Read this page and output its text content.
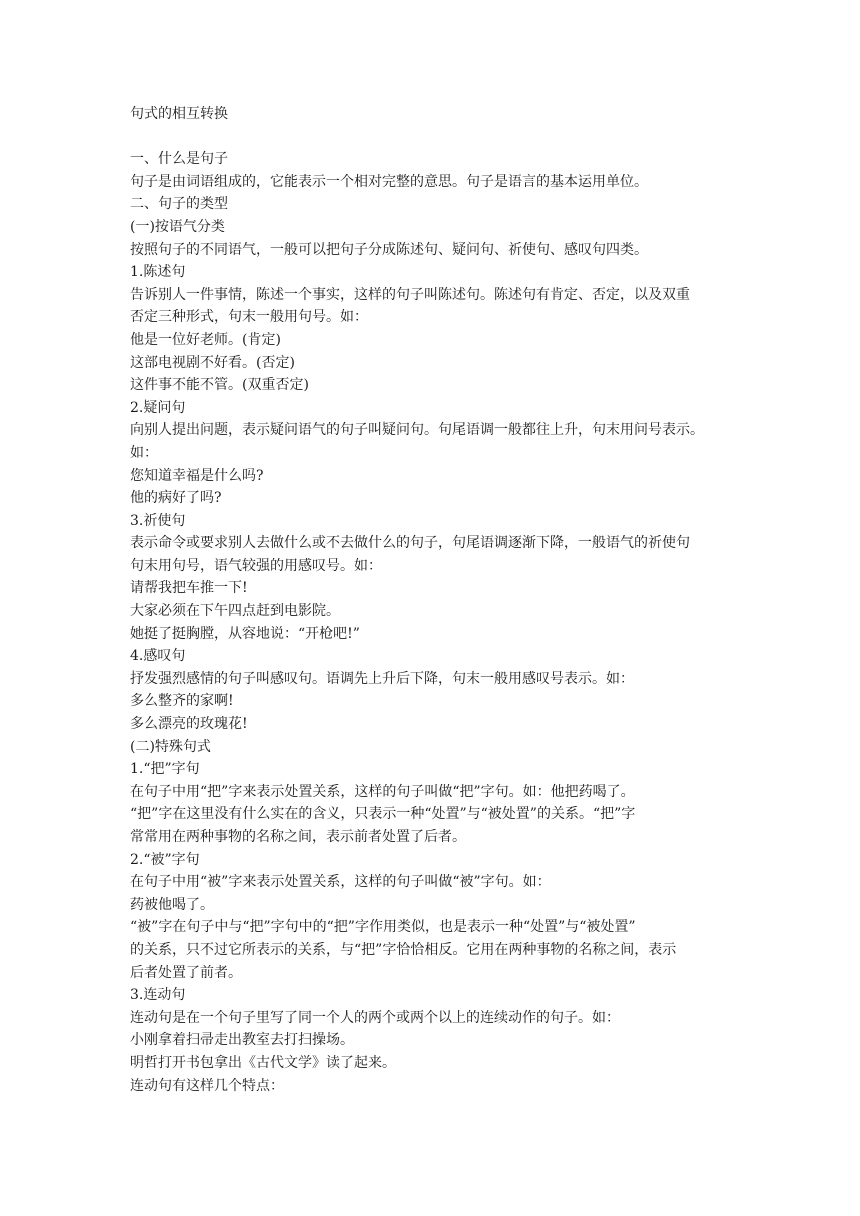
句式的相互转换

一、什么是句子

句子是由词语组成的，它能表示一个相对完整的意思。句子是语言的基本运用单位。

二、句子的类型

(一)按语气分类

按照句子的不同语气，一般可以把句子分成陈述句、疑问句、祈使句、感叹句四类。

1.陈述句

告诉别人一件事情，陈述一个事实，这样的句子叫陈述句。陈述句有肯定、否定，以及双重

否定三种形式，句末一般用句号。如：

他是一位好老师。(肯定)

这部电视剧不好看。(否定)

这件事不能不管。(双重否定)

2.疑问句

向别人提出问题，表示疑问语气的句子叫疑问句。句尾语调一般都往上升，句末用问号表示。

如：

您知道幸福是什么吗?

他的病好了吗?

3.祈使句

表示命令或要求别人去做什么或不去做什么的句子，句尾语调逐渐下降，一般语气的祈使句

句末用句号，语气较强的用感叹号。如：

请帮我把车推一下!

大家必须在下午四点赶到电影院。

她挺了挺胸膛，从容地说：“开枪吧!”

4.感叹句

抒发强烈感情的句子叫感叹句。语调先上升后下降，句末一般用感叹号表示。如：

多么整齐的家啊!

多么漂亮的玫瑰花!

(二)特殊句式

1.“把”字句

在句子中用“把”字来表示处置关系，这样的句子叫做“把”字句。如：他把药喝了。

“把”字在这里没有什么实在的含义，只表示一种“处置”与“被处置”的关系。“把”字

常常用在两种事物的名称之间，表示前者处置了后者。

2.“被”字句

在句子中用“被”字来表示处置关系，这样的句子叫做“被”字句。如：

药被他喝了。

“被”字在句子中与“把”字句中的“把”字作用类似，也是表示一种“处置”与“被处置”

的关系，只不过它所表示的关系，与“把”字恰恰相反。它用在两种事物的名称之间，表示

后者处置了前者。

3.连动句

连动句是在一个句子里写了同一个人的两个或两个以上的连续动作的句子。如：

小刚拿着扫帚走出教室去打扫操场。

明哲打开书包拿出《古代文学》读了起来。

连动句有这样几个特点：
